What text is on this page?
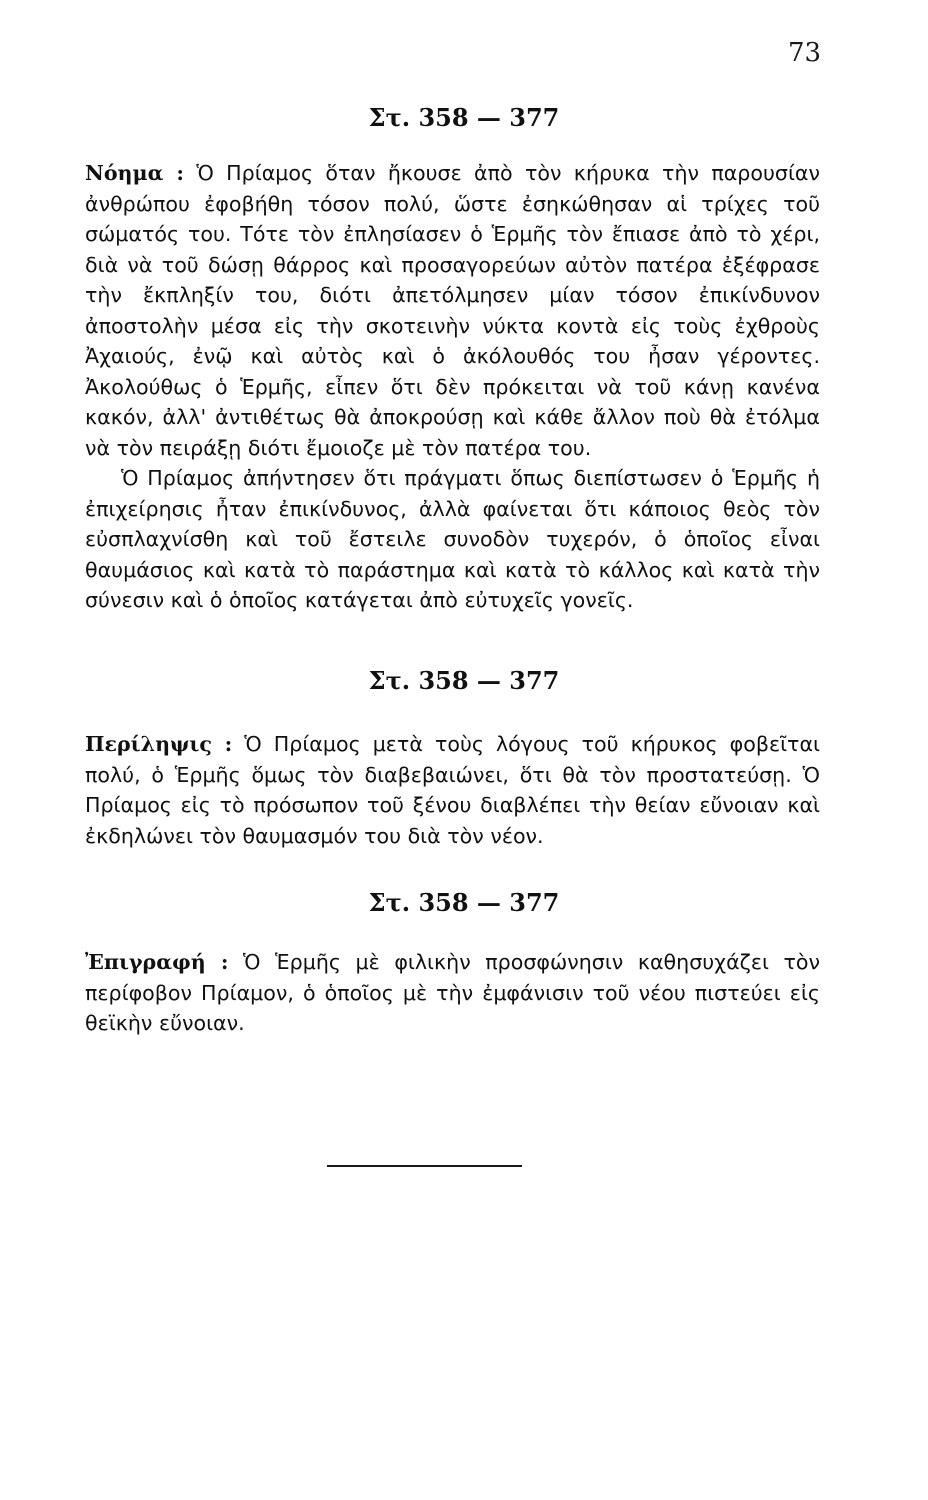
73
Στ. 358 — 377

Νόημα : Ὁ Πρίαμος ὅταν ἤκουσε ἀπὸ τὸν κήρυκα τὴν παρουσίαν ἀνθρώπου ἐφοβήθη τόσον πολύ, ὥστε ἐσηκώθησαν αἱ τρίχες τοῦ σώματός του. Τότε τὸν ἐπλησίασεν ὁ Ἑρμῆς τὸν ἔπιασε ἀπὸ τὸ χέρι, διὰ νὰ τοῦ δώσῃ θάρρος καὶ προσαγορεύων αὐτὸν πατέρα ἐξέφρασε τὴν ἔκπληξίν του, διότι ἀπετόλμησεν μίαν τόσον ἐπικίνδυνον ἀποστολὴν μέσα εἰς τὴν σκοτεινὴν νύκτα κοντὰ εἰς τοὺς ἐχθροὺς Ἀχαιούς, ἐνῷ καὶ αὐτὸς καὶ ὁ ἀκόλουθός του ἦσαν γέροντες. Ἀκολούθως ὁ Ἑρμῆς, εἶπεν ὅτι δὲν πρόκειται νὰ τοῦ κάνῃ κανένα κακόν, ἀλλ' ἀντιθέτως θὰ ἀποκρούσῃ καὶ κάθε ἄλλον ποὺ θὰ ἐτόλμα νὰ τὸν πειράξῃ διότι ἔμοιοζε μὲ τὸν πατέρα του.
Ὁ Πρίαμος ἀπήντησεν ὅτι πράγματι ὅπως διεπίστωσεν ὁ Ἑρμῆς ἡ ἐπιχείρησις ἦταν ἐπικίνδυνος, ἀλλὰ φαίνεται ὅτι κάποιος θεὸς τὸν εὐσπλαχνίσθη καὶ τοῦ ἔστειλε συνοδὸν τυχερόν, ὁ ὁποῖος εἶναι θαυμάσιος καὶ κατὰ τὸ παράστημα καὶ κατὰ τὸ κάλλος καὶ κατὰ τὴν σύνεσιν καὶ ὁ ὁποῖος κατάγεται ἀπὸ εὐτυχεῖς γονεῖς.

Στ. 358 — 377

Περίληψις : Ὁ Πρίαμος μετὰ τοὺς λόγους τοῦ κήρυκος φοβεῖται πολύ, ὁ Ἑρμῆς ὅμως τὸν διαβεβαιώνει, ὅτι θὰ τὸν προστατεύσῃ. Ὁ Πρίαμος εἰς τὸ πρόσωπον τοῦ ξένου διαβλέπει τὴν θείαν εὔνοιαν καὶ ἐκδηλώνει τὸν θαυμασμόν του διὰ τὸν νέον.

Στ. 358 — 377

Ἐπιγραφή : Ὁ Ἑρμῆς μὲ φιλικὴν προσφώνησιν καθησυχάζει τὸν περίφοβον Πρίαμον, ὁ ὁποῖος μὲ τὴν ἐμφάνισιν τοῦ νέου πιστεύει εἰς θεϊκὴν εὔνοιαν.
